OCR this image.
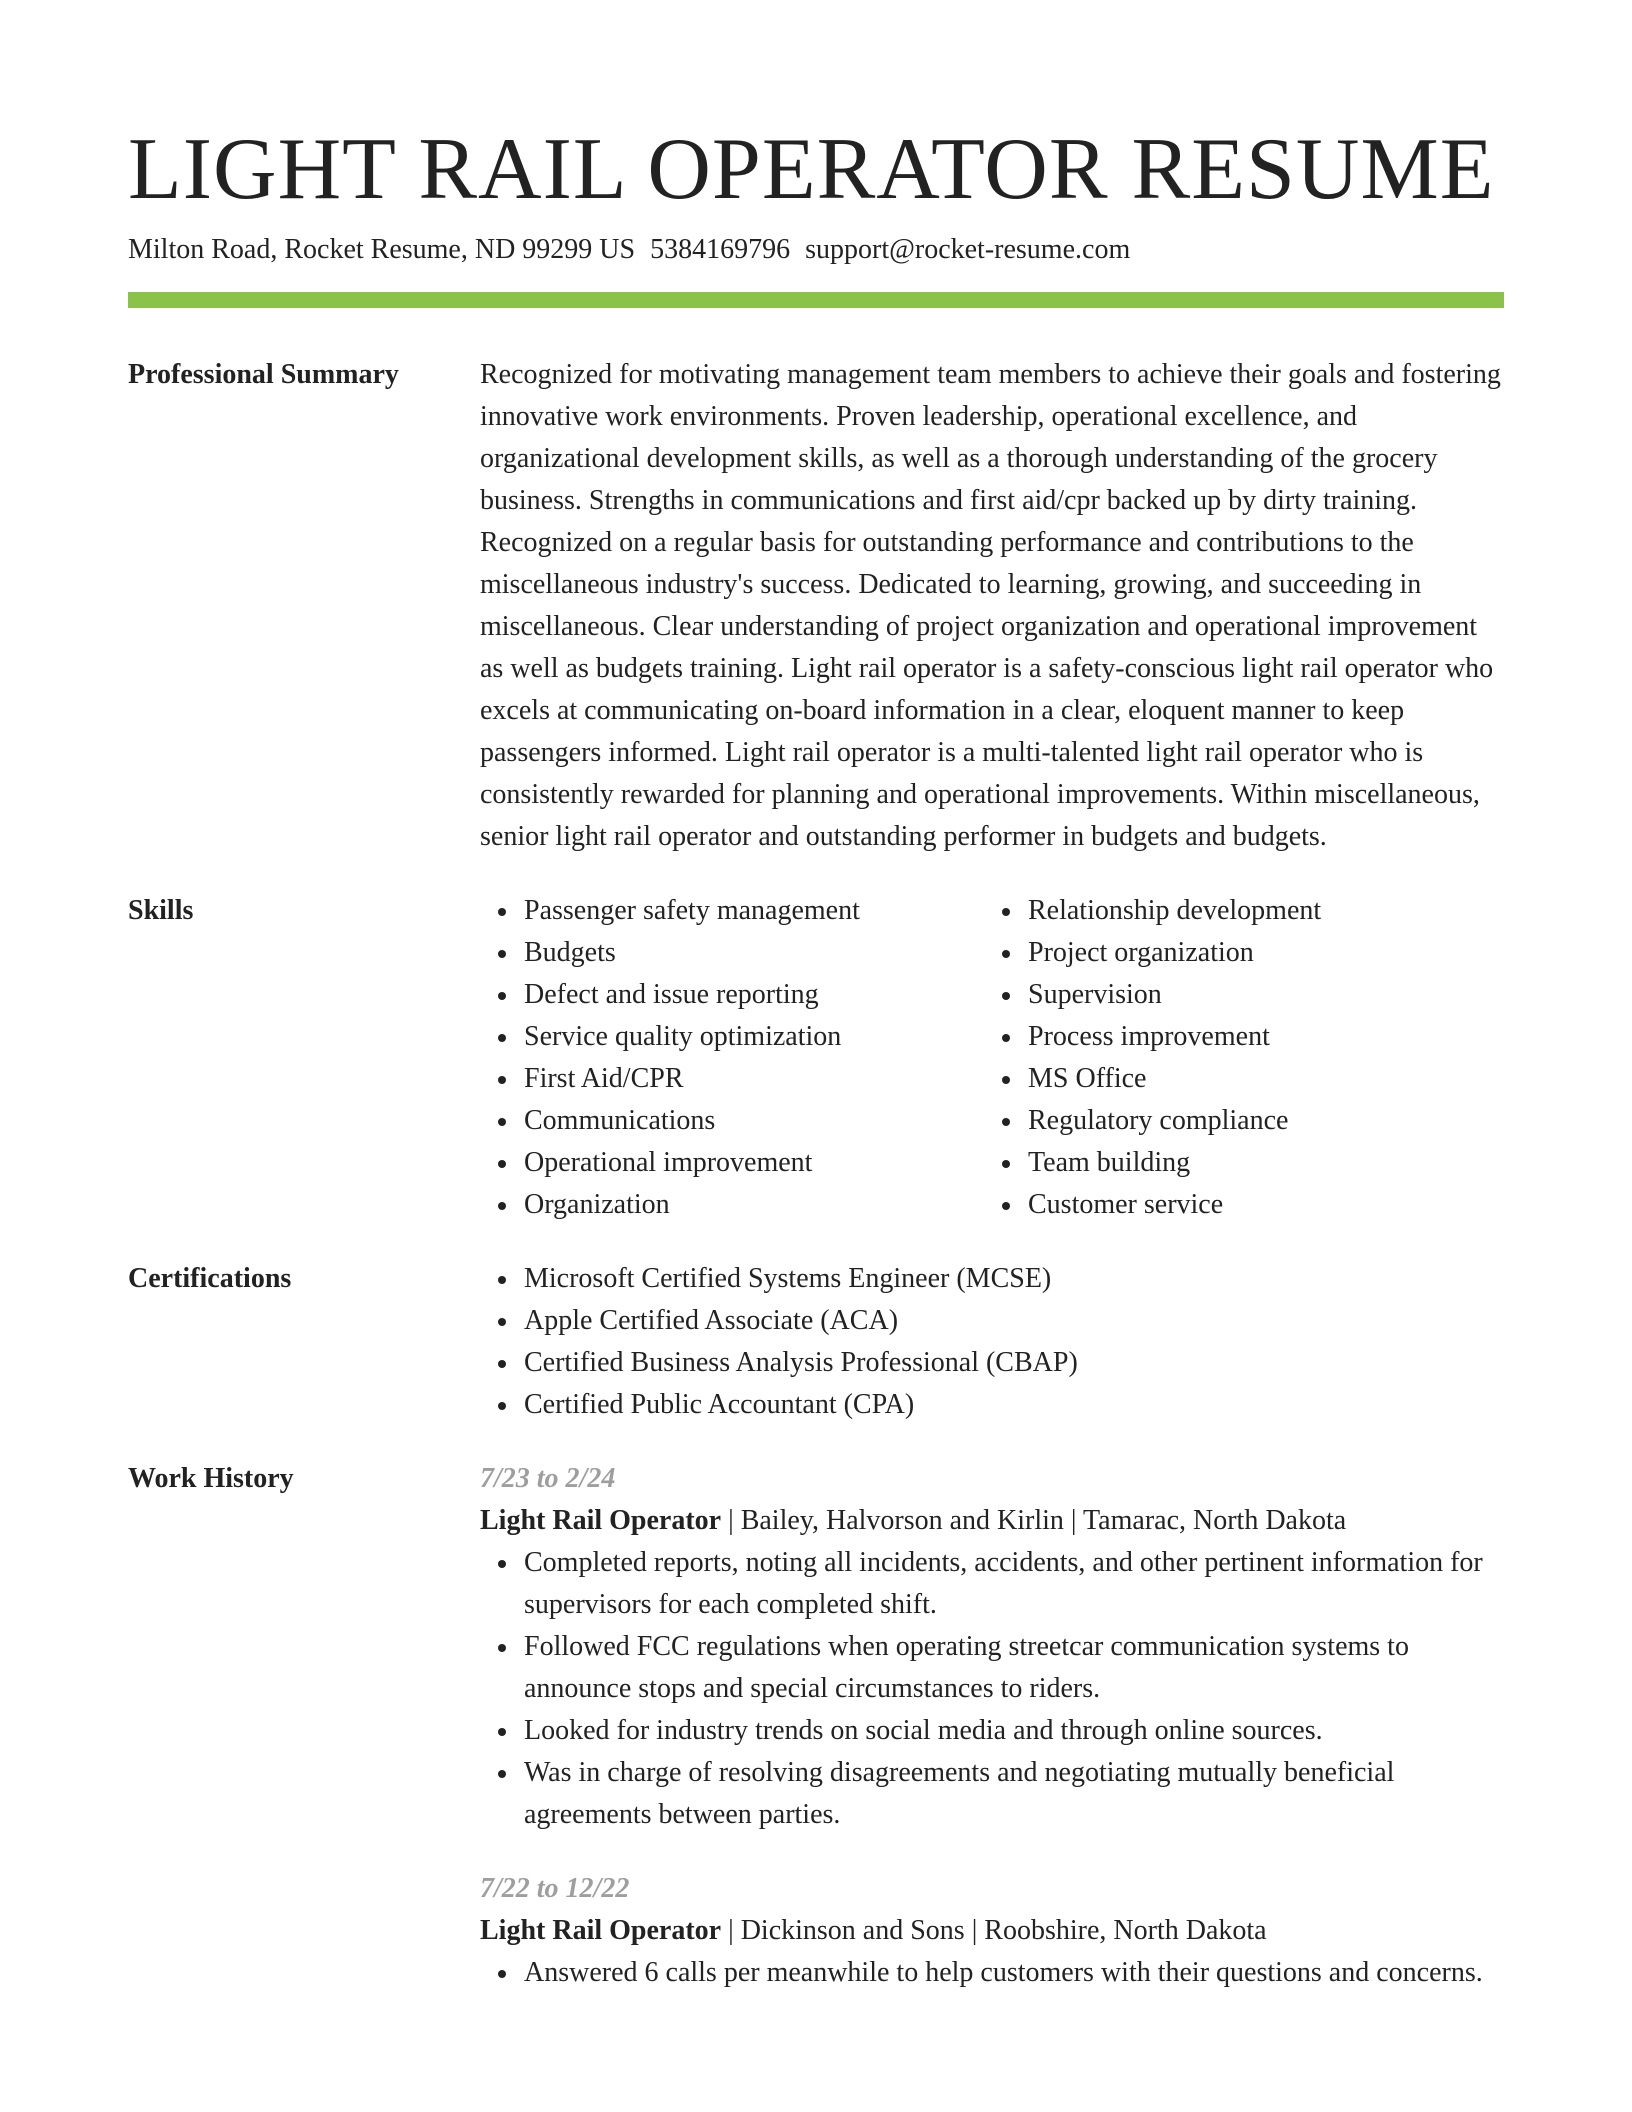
LIGHT RAIL OPERATOR RESUME
Milton Road, Rocket Resume, ND 99299 US 5384169796 support@rocket-resume.com
Professional Summary	Recognized for motivating management team members to achieve their goals and fostering innovative work environments. Proven leadership, operational excellence, and organizational development skills, as well as a thorough understanding of the grocery business. Strengths in communications and first aid/cpr backed up by dirty training. Recognized on a regular basis for outstanding performance and contributions to the miscellaneous industry's success. Dedicated to learning, growing, and succeeding in miscellaneous. Clear understanding of project organization and operational improvement as well as budgets training. Light rail operator is a safety-conscious light rail operator who excels at communicating on-board information in a clear, eloquent manner to keep passengers informed. Light rail operator is a multi-talented light rail operator who is consistently rewarded for planning and operational improvements. Within miscellaneous, senior light rail operator and outstanding performer in budgets and budgets.

Skills	Passenger safety management
Budgets
Defect and issue reporting
Service quality optimization
First Aid/CPR
Communications
Operational improvement
Organization
Relationship development
Project organization
Supervision
Process improvement
MS Office
Regulatory compliance
Team building
Customer service
Certifications	Microsoft Certified Systems Engineer (MCSE)
Apple Certified Associate (ACA)
Certified Business Analysis Professional (CBAP)
Certified Public Accountant (CPA)
Work History	7/23 to 2/24
Light Rail Operator | Bailey, Halvorson and Kirlin | Tamarac, North Dakota
Completed reports, noting all incidents, accidents, and other pertinent information for supervisors for each completed shift.
Followed FCC regulations when operating streetcar communication systems to announce stops and special circumstances to riders.
Looked for industry trends on social media and through online sources.
Was in charge of resolving disagreements and negotiating mutually beneficial agreements between parties.
7/22 to 12/22
Light Rail Operator | Dickinson and Sons | Roobshire, North Dakota
Answered 6 calls per meanwhile to help customers with their questions and concerns.
